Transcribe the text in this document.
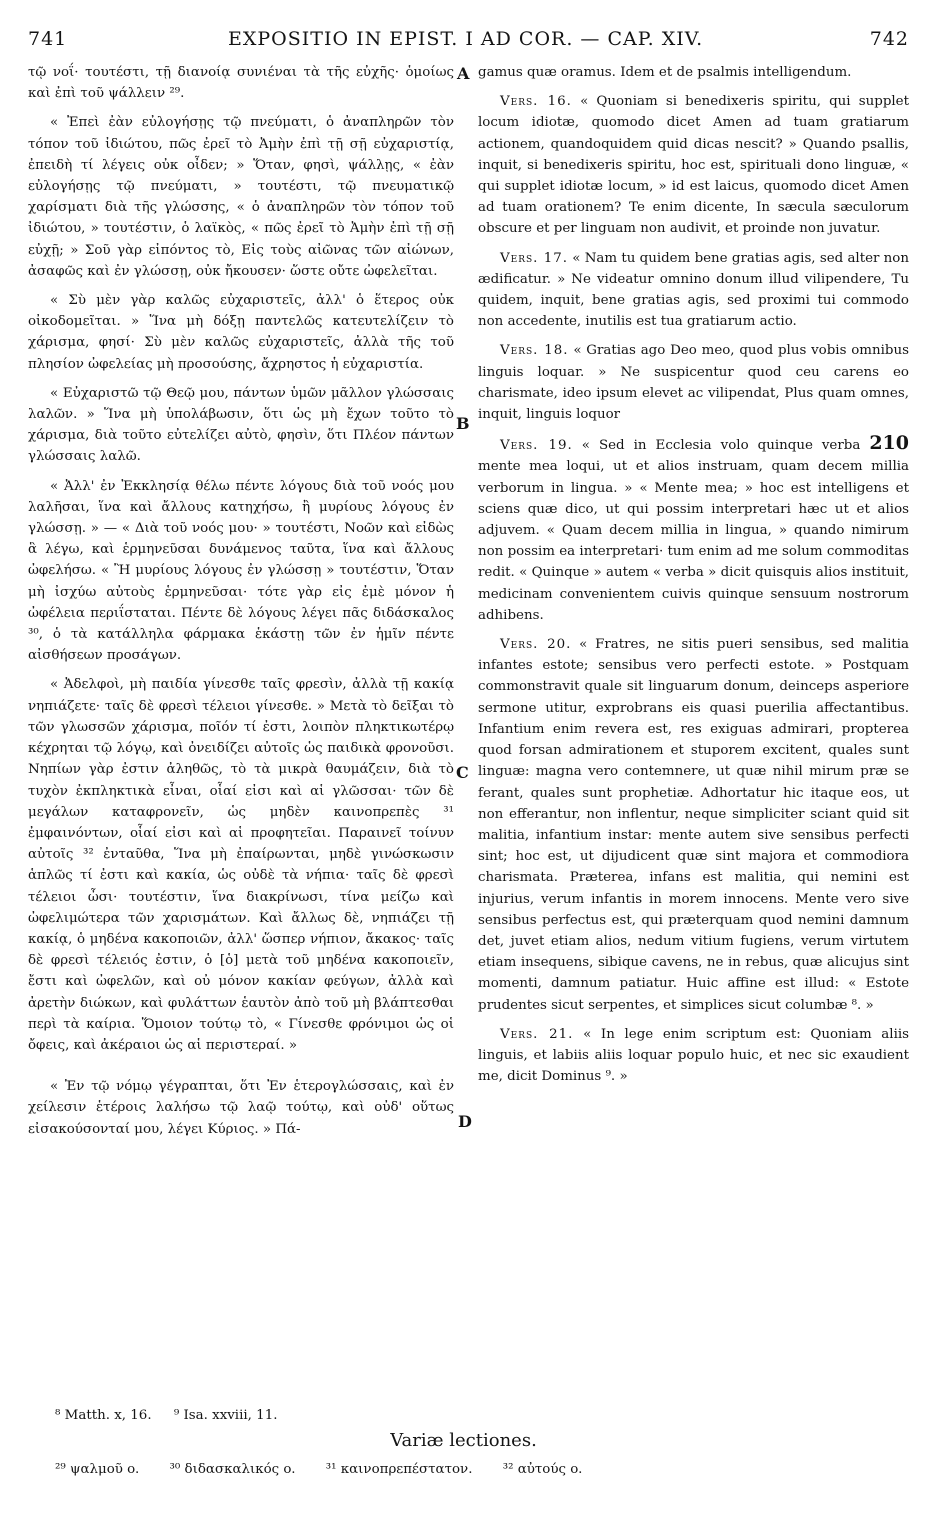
741	EXPOSITIO IN EPIST. I AD COR. — CAP. XIV.	742
A
B
C
D

τῷ νοΐ· τουτέστι, τῇ διανοίᾳ συνιέναι τὰ τῆς εὐχῆς· ὁμοίως καὶ ἐπὶ τοῦ ψάλλειν ²⁹.

« Ἐπεὶ ἐὰν εὐλογήσῃς τῷ πνεύματι, ὁ ἀναπληρῶν τὸν τόπον τοῦ ἰδιώτου, πῶς ἐρεῖ τὸ Ἀμὴν ἐπὶ τῇ σῇ εὐχαριστίᾳ, ἐπειδὴ τί λέγεις οὐκ οἶδεν; » Ὅταν, φησὶ, ψάλλῃς, « ἐὰν εὐλογήσῃς τῷ πνεύματι, » τουτέστι, τῷ πνευματικῷ χαρίσματι διὰ τῆς γλώσσης, « ὁ ἀναπληρῶν τὸν τόπον τοῦ ἰδιώτου, » τουτέστιν, ὁ λαϊκὸς, « πῶς ἐρεῖ τὸ Ἀμὴν ἐπὶ τῇ σῇ εὐχῇ; » Σοῦ γὰρ εἰπόντος τὸ, Εἰς τοὺς αἰῶνας τῶν αἰώνων, ἀσαφῶς καὶ ἐν γλώσσῃ, οὐκ ἤκουσεν· ὥστε οὔτε ὠφελεῖται.

« Σὺ μὲν γὰρ καλῶς εὐχαριστεῖς, ἀλλ' ὁ ἕτερος οὐκ οἰκοδομεῖται. » Ἵνα μὴ δόξῃ παντελῶς κατευτελίζειν τὸ χάρισμα, φησί· Σὺ μὲν καλῶς εὐχαριστεῖς, ἀλλὰ τῆς τοῦ πλησίον ὠφελείας μὴ προσούσης, ἄχρηστος ἡ εὐχαριστία.

« Εὐχαριστῶ τῷ Θεῷ μου, πάντων ὑμῶν μᾶλλον γλώσσαις λαλῶν. » Ἵνα μὴ ὑπολάβωσιν, ὅτι ὡς μὴ ἔχων τοῦτο τὸ χάρισμα, διὰ τοῦτο εὐτελίζει αὐτὸ, φησὶν, ὅτι Πλέον πάντων γλώσσαις λαλῶ.

« Ἀλλ' ἐν Ἐκκλησίᾳ θέλω πέντε λόγους διὰ τοῦ νοός μου λαλῆσαι, ἵνα καὶ ἄλλους κατηχήσω, ἢ μυρίους λόγους ἐν γλώσσῃ. » — « Διὰ τοῦ νοός μου· » τουτέστι, Νοῶν καὶ εἰδὼς ἃ λέγω, καὶ ἑρμηνεῦσαι δυνάμενος ταῦτα, ἵνα καὶ ἄλλους ὠφελήσω. « Ἢ μυρίους λόγους ἐν γλώσσῃ » τουτέστιν, Ὅταν μὴ ἰσχύω αὐτοὺς ἑρμηνεῦσαι· τότε γὰρ εἰς ἐμὲ μόνον ἡ ὠφέλεια περιΐσταται. Πέντε δὲ λόγους λέγει πᾶς διδάσκαλος ³⁰, ὁ τὰ κατάλληλα φάρμακα ἑκάστῃ τῶν ἐν ἡμῖν πέντε αἰσθήσεων προσάγων.

« Ἀδελφοὶ, μὴ παιδία γίνεσθε ταῖς φρεσὶν, ἀλλὰ τῇ κακίᾳ νηπιάζετε· ταῖς δὲ φρεσὶ τέλειοι γίνεσθε. » Μετὰ τὸ δεῖξαι τὸ τῶν γλωσσῶν χάρισμα, ποῖόν τί ἐστι, λοιπὸν πληκτικωτέρῳ κέχρηται τῷ λόγῳ, καὶ ὀνειδίζει αὐτοῖς ὡς παιδικὰ φρονοῦσι. Νηπίων γὰρ ἐστιν ἀληθῶς, τὸ τὰ μικρὰ θαυμάζειν, διὰ τὸ τυχὸν ἐκπληκτικὰ εἶναι, οἷαί εἰσι καὶ αἱ γλῶσσαι· τῶν δὲ μεγάλων καταφρονεῖν, ὡς μηδὲν καινοπρεπὲς ³¹ ἐμφαινόντων, οἷαί εἰσι καὶ αἱ προφητεῖαι. Παραινεῖ τοίνυν αὐτοῖς ³² ἐνταῦθα, Ἵνα μὴ ἐπαίρωνται, μηδὲ γινώσκωσιν ἁπλῶς τί ἐστι καὶ κακία, ὡς οὐδὲ τὰ νήπια· ταῖς δὲ φρεσὶ τέλειοι ὦσι· τουτέστιν, ἵνα διακρίνωσι, τίνα μείζω καὶ ὠφελιμώτερα τῶν χαρισμάτων. Καὶ ἄλλως δὲ, νηπιάζει τῇ κακίᾳ, ὁ μηδένα κακοποιῶν, ἀλλ' ὥσπερ νήπιον, ἄκακος· ταῖς δὲ φρεσὶ τέλειός ἐστιν, ὁ [ὁ] μετὰ τοῦ μηδένα κακοποιεῖν, ἔστι καὶ ὠφελῶν, καὶ οὐ μόνον κακίαν φεύγων, ἀλλὰ καὶ ἀρετὴν διώκων, καὶ φυλάττων ἑαυτὸν ἀπὸ τοῦ μὴ βλάπτεσθαι περὶ τὰ καίρια. Ὅμοιον τούτῳ τὸ, « Γίνεσθε φρόνιμοι ὡς οἱ ὄφεις, καὶ ἀκέραιοι ὡς αἱ περιστεραί. »

« Ἐν τῷ νόμῳ γέγραπται, ὅτι Ἐν ἑτερογλώσσαις, καὶ ἐν χείλεσιν ἑτέροις λαλήσω τῷ λαῷ τούτῳ, καὶ οὐδ' οὕτως εἰσακούσονταί μου, λέγει Κύριος. » Πά-

gamus quæ oramus. Idem et de psalmis intelligendum.

Vers. 16. « Quoniam si benedixeris spiritu, qui supplet locum idiotæ, quomodo dicet Amen ad tuam gratiarum actionem, quandoquidem quid dicas nescit? » Quando psallis, inquit, si benedixeris spiritu, hoc est, spirituali dono linguæ, « qui supplet idiotæ locum, » id est laicus, quomodo dicet Amen ad tuam orationem? Te enim dicente, In sæcula sæculorum obscure et per linguam non audivit, et proinde non juvatur.

Vers. 17. « Nam tu quidem bene gratias agis, sed alter non ædificatur. » Ne videatur omnino donum illud vilipendere, Tu quidem, inquit, bene gratias agis, sed proximi tui commodo non accedente, inutilis est tua gratiarum actio.

Vers. 18. « Gratias ago Deo meo, quod plus vobis omnibus linguis loquar. » Ne suspicentur quod ceu carens eo charismate, ideo ipsum elevet ac vilipendat, Plus quam omnes, inquit, linguis loquor

Vers. 19. « Sed in Ecclesia volo quinque verba 210 mente mea loqui, ut et alios instruam, quam decem millia verborum in lingua. » « Mente mea; » hoc est intelligens et sciens quæ dico, ut qui possim interpretari hæc ut et alios adjuvem. « Quam decem millia in lingua, » quando nimirum non possim ea interpretari· tum enim ad me solum commoditas redit. « Quinque » autem « verba » dicit quisquis alios instituit, medicinam convenientem cuivis quinque sensuum nostrorum adhibens.

Vers. 20. « Fratres, ne sitis pueri sensibus, sed malitia infantes estote; sensibus vero perfecti estote. » Postquam commonstravit quale sit linguarum donum, deinceps asperiore sermone utitur, exprobrans eis quasi puerilia affectantibus. Infantium enim revera est, res exiguas admirari, propterea quod forsan admirationem et stuporem excitent, quales sunt linguæ: magna vero contemnere, ut quæ nihil mirum præ se ferant, quales sunt prophetiæ. Adhortatur hic itaque eos, ut non efferantur, non inflentur, neque simpliciter sciant quid sit malitia, infantium instar: mente autem sive sensibus perfecti sint; hoc est, ut dijudicent quæ sint majora et commodiora charismata. Præterea, infans est malitia, qui nemini est injurius, verum infantis in morem innocens. Mente vero sive sensibus perfectus est, qui præterquam quod nemini damnum det, juvet etiam alios, nedum vitium fugiens, verum virtutem etiam insequens, sibique cavens, ne in rebus, quæ alicujus sint momenti, damnum patiatur. Huic affine est illud: « Estote prudentes sicut serpentes, et simplices sicut columbæ ⁸. »

Vers. 21. « In lege enim scriptum est: Quoniam aliis linguis, et labiis aliis loquar populo huic, et nec sic exaudient me, dicit Dominus ⁹. »

⁸ Matth. x, 16. ⁹ Isa. xxviii, 11.
Variæ lectiones.
²⁹ ψαλμοῦ o. ³⁰ διδασκαλικός o. ³¹ καινοπρεπέστατον. ³² αὐτούς o.
